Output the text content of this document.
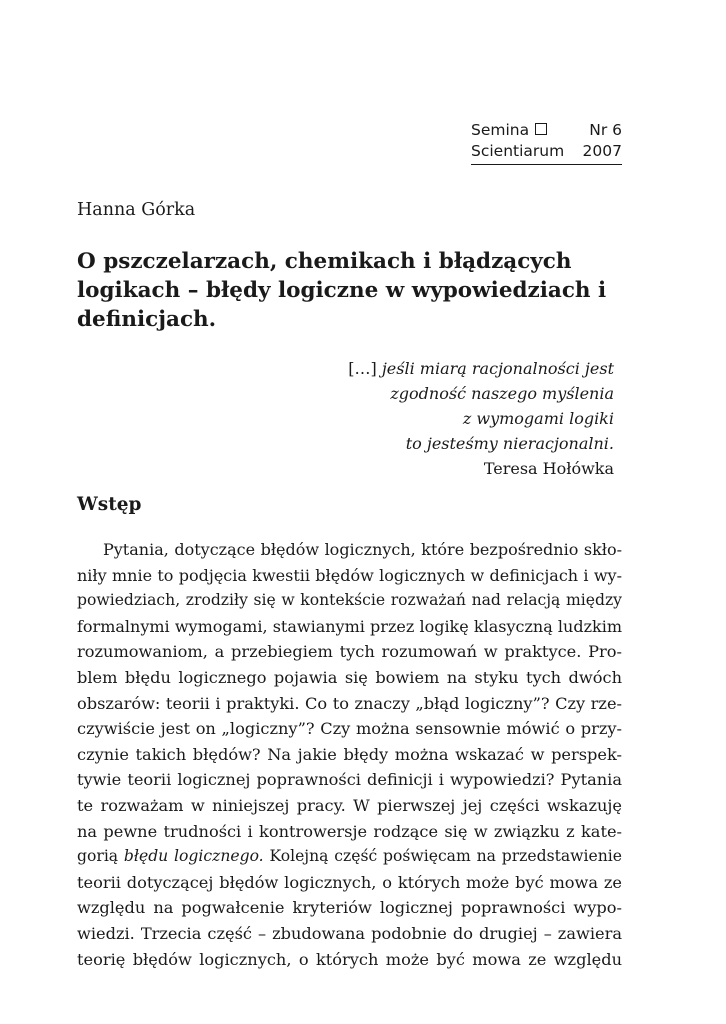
Semina	Nr 6
Scientiarum 2007
Hanna Górka
O pszczelarzach, chemikach i błądzących
logikach – błędy logiczne w wypowiedziach i
definicjach.
[…] jeśli miarą racjonalności jest
zgodność naszego myślenia
z wymogami logiki
to jesteśmy nieracjonalni.
Teresa Hołówka
Wstęp
Pytania, dotyczące błędów logicznych, które bezpośrednio skło-
niły mnie to podjęcia kwestii błędów logicznych w definicjach i wy-
powiedziach, zrodziły się w kontekście rozważań nad relacją między
formalnymi wymogami, stawianymi przez logikę klasyczną ludzkim
rozumowaniom, a przebiegiem tych rozumowań w praktyce. Pro-
blem błędu logicznego pojawia się bowiem na styku tych dwóch
obszarów: teorii i praktyki. Co to znaczy „błąd logiczny”? Czy rze-
czywiście jest on „logiczny”? Czy można sensownie mówić o przy-
czynie takich błędów? Na jakie błędy można wskazać w perspek-
tywie teorii logicznej poprawności definicji i wypowiedzi? Pytania
te rozważam w niniejszej pracy. W pierwszej jej części wskazuję
na pewne trudności i kontrowersje rodzące się w związku z kate-
gorią błędu logicznego. Kolejną część poświęcam na przedstawienie
teorii dotyczącej błędów logicznych, o których może być mowa ze
względu na pogwałcenie kryteriów logicznej poprawności wypo-
wiedzi. Trzecia część – zbudowana podobnie do drugiej – zawiera
teorię błędów logicznych, o których może być mowa ze względu
